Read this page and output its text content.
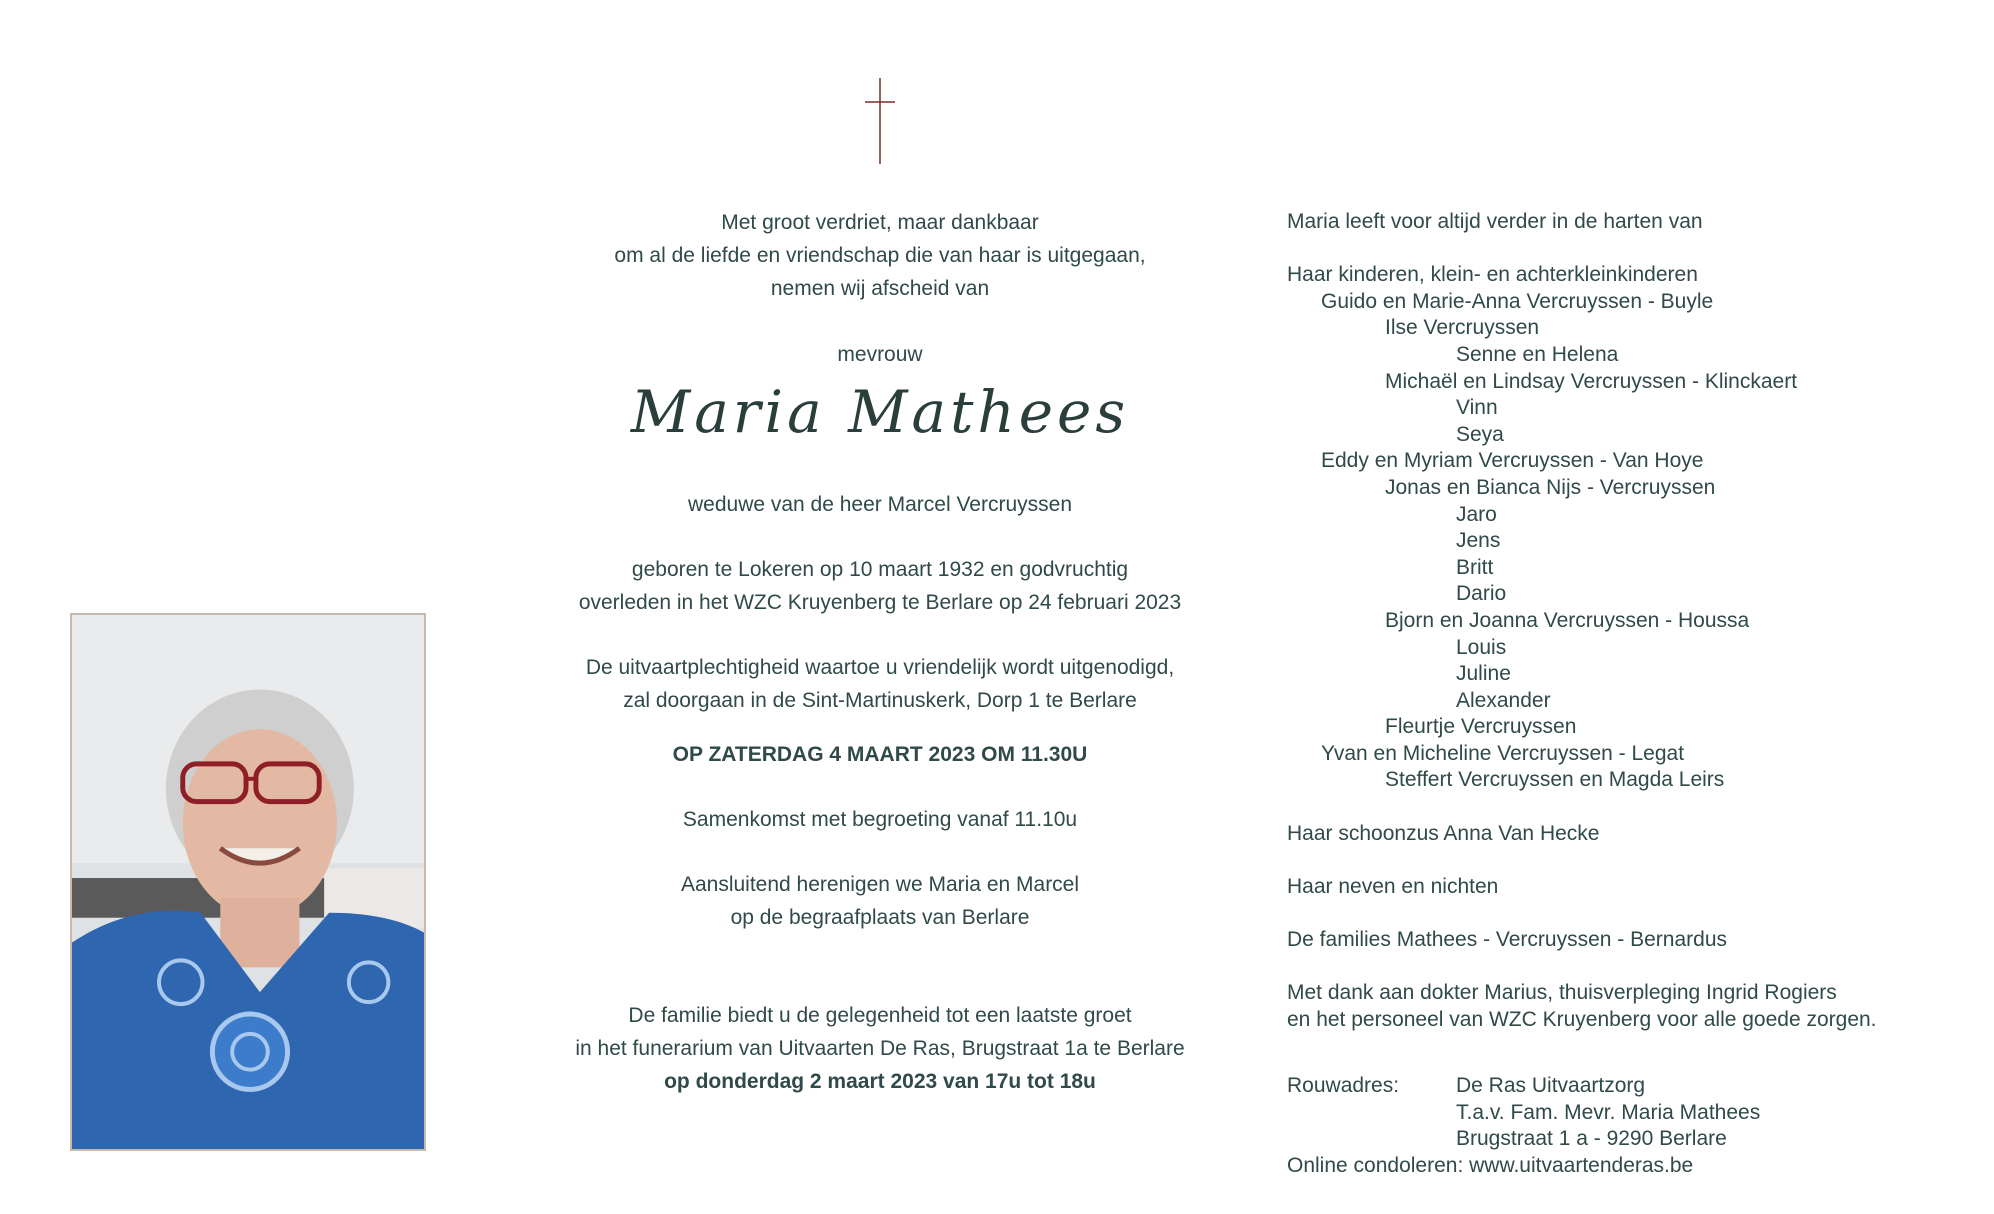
Met groot verdriet, maar dankbaar
om al de liefde en vriendschap die van haar is uitgegaan,
nemen wij afscheid van
mevrouw
Maria Mathees
weduwe van de heer Marcel Vercruyssen
geboren te Lokeren op 10 maart 1932 en godvruchtig
overleden in het WZC Kruyenberg te Berlare op 24 februari 2023
De uitvaartplechtigheid waartoe u vriendelijk wordt uitgenodigd,
zal doorgaan in de Sint-Martinuskerk, Dorp 1 te Berlare
OP ZATERDAG 4 MAART 2023 OM 11.30U
Samenkomst met begroeting vanaf 11.10u
Aansluitend herenigen we Maria en Marcel
op de begraafplaats van Berlare
De familie biedt u de gelegenheid tot een laatste groet
in het funerarium van Uitvaarten De Ras, Brugstraat 1a te Berlare
op donderdag 2 maart 2023 van 17u tot 18u
Maria leeft voor altijd verder in de harten van

Haar kinderen, klein- en achterkleinkinderen
Guido en Marie-Anna Vercruyssen - Buyle
Ilse Vercruyssen
Senne en Helena
Michaël en Lindsay Vercruyssen - Klinckaert
Vinn
Seya
Eddy en Myriam Vercruyssen - Van Hoye
Jonas en Bianca Nijs - Vercruyssen
Jaro
Jens
Britt
Dario
Bjorn en Joanna Vercruyssen - Houssa
Louis
Juline
Alexander
Fleurtje Vercruyssen
Yvan en Micheline Vercruyssen - Legat
Steffert Vercruyssen en Magda Leirs

Haar schoonzus Anna Van Hecke

Haar neven en nichten

De families Mathees - Vercruyssen - Bernardus

Met dank aan dokter Marius, thuisverpleging Ingrid Rogiers
en het personeel van WZC Kruyenberg voor alle goede zorgen.

Rouwadres:	De Ras Uitvaartzorg
T.a.v. Fam. Mevr. Maria Mathees
Brugstraat 1 a - 9290 Berlare
Online condoleren: www.uitvaartenderas.be
